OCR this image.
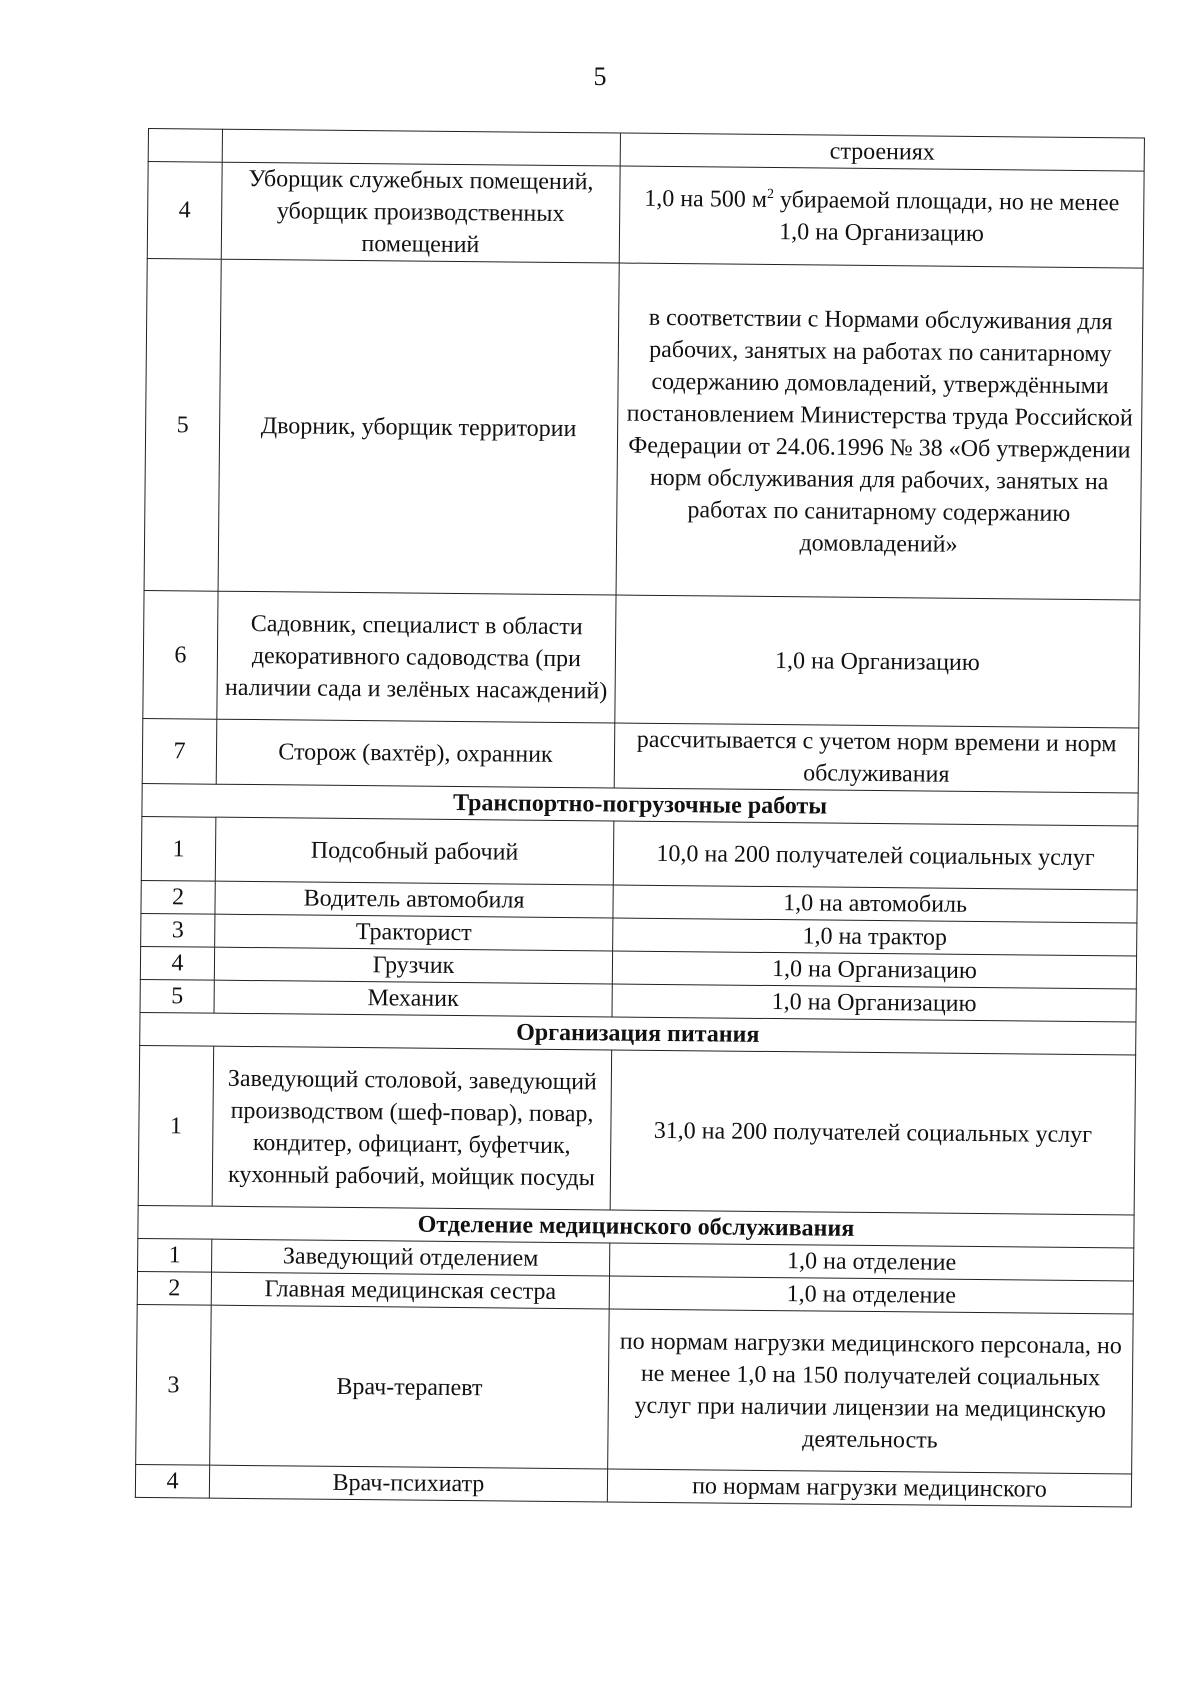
5
		строениях
4	Уборщик служебных помещений, уборщик производственных помещений	1,0 на 500 $м^2$ убираемой площади, но не менее 1,0 на Организацию
5	Дворник, уборщик территории	в соответствии с Нормами обслуживания для рабочих, занятых на работах по санитарному содержанию домовладений, утверждёнными постановлением Министерства труда Российской Федерации от 24.06.1996 № 38 «Об утверждении норм обслуживания для рабочих, занятых на работах по санитарному содержанию домовладений»
6	Садовник, специалист в области декоративного садоводства (при наличии сада и зелёных насаждений)	1,0 на Организацию
7	Сторож (вахтёр), охранник	рассчитывается с учетом норм времени и норм обслуживания
Транспортно-погрузочные работы		
1	Подсобный рабочий	10,0 на 200 получателей социальных услуг
2	Водитель автомобиля	1,0 на автомобиль
3	Тракторист	1,0 на трактор
4	Грузчик	1,0 на Организацию
5	Механик	1,0 на Организацию
Организация питания		
1	Заведующий столовой, заведующий производством (шеф-повар), повар, кондитер, официант, буфетчик, кухонный рабочий, мойщик посуды	31,0 на 200 получателей социальных услуг
Отделение медицинского обслуживания		
1	Заведующий отделением	1,0 на отделение
2	Главная медицинская сестра	1,0 на отделение
3	Врач-терапевт	по нормам нагрузки медицинского персонала, но не менее 1,0 на 150 получателей социальных услуг при наличии лицензии на медицинскую деятельность
4	Врач-психиатр	по нормам нагрузки медицинского
